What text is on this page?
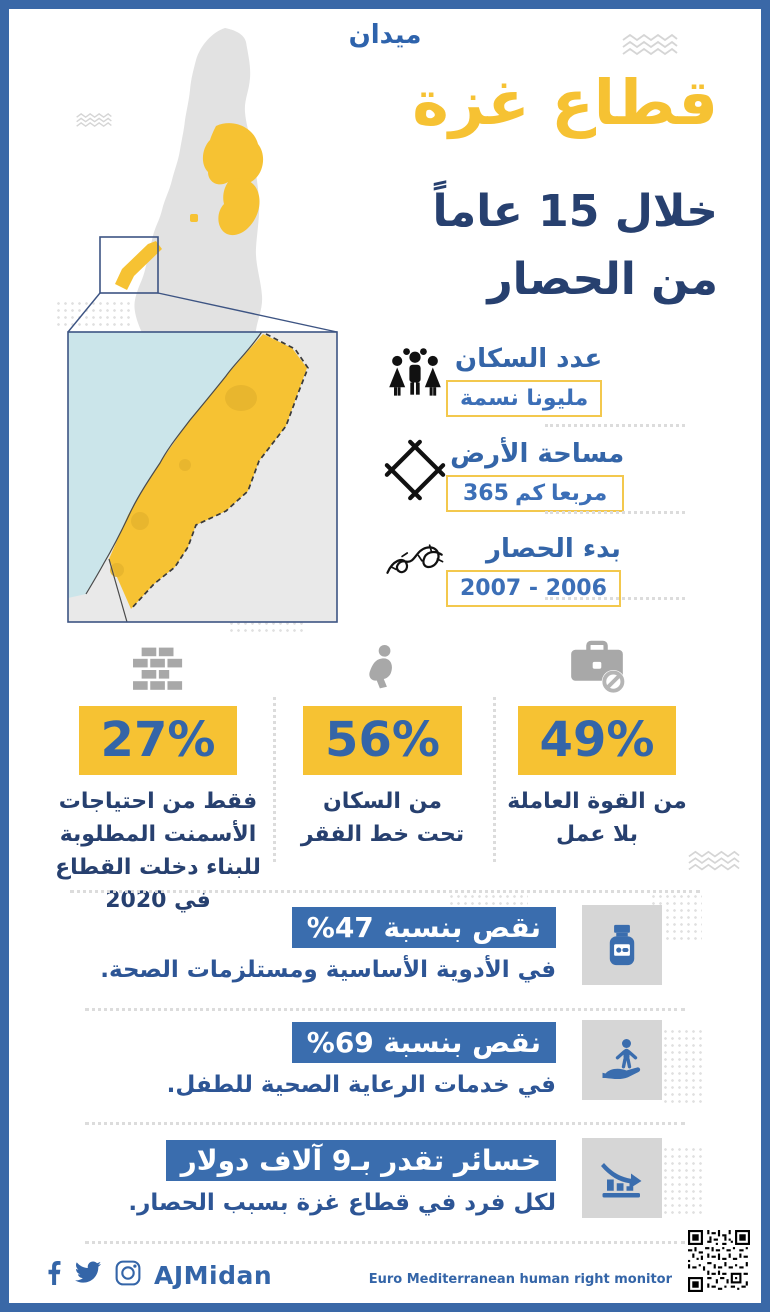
ميدان
قطاع غزة
خلال 15 عاماً
من الحصار
عدد السكان
مليونا نسمة
مساحة الأرض
365 كم مربعا
بدء الحصار
2006 - 2007
49%
من القوة العاملة
بلا عمل
56%
من السكان
تحت خط الفقر
27%
فقط من احتياجات
الأسمنت المطلوبة
للبناء دخلت القطاع
في 2020
نقص بنسبة 47%
في الأدوية الأساسية ومستلزمات الصحة.
نقص بنسبة 69%
في خدمات الرعاية الصحية للطفل.
خسائر تقدر بـ9 آلاف دولار
لكل فرد في قطاع غزة بسبب الحصار.
AJMidan	Euro Mediterranean human right monitor
